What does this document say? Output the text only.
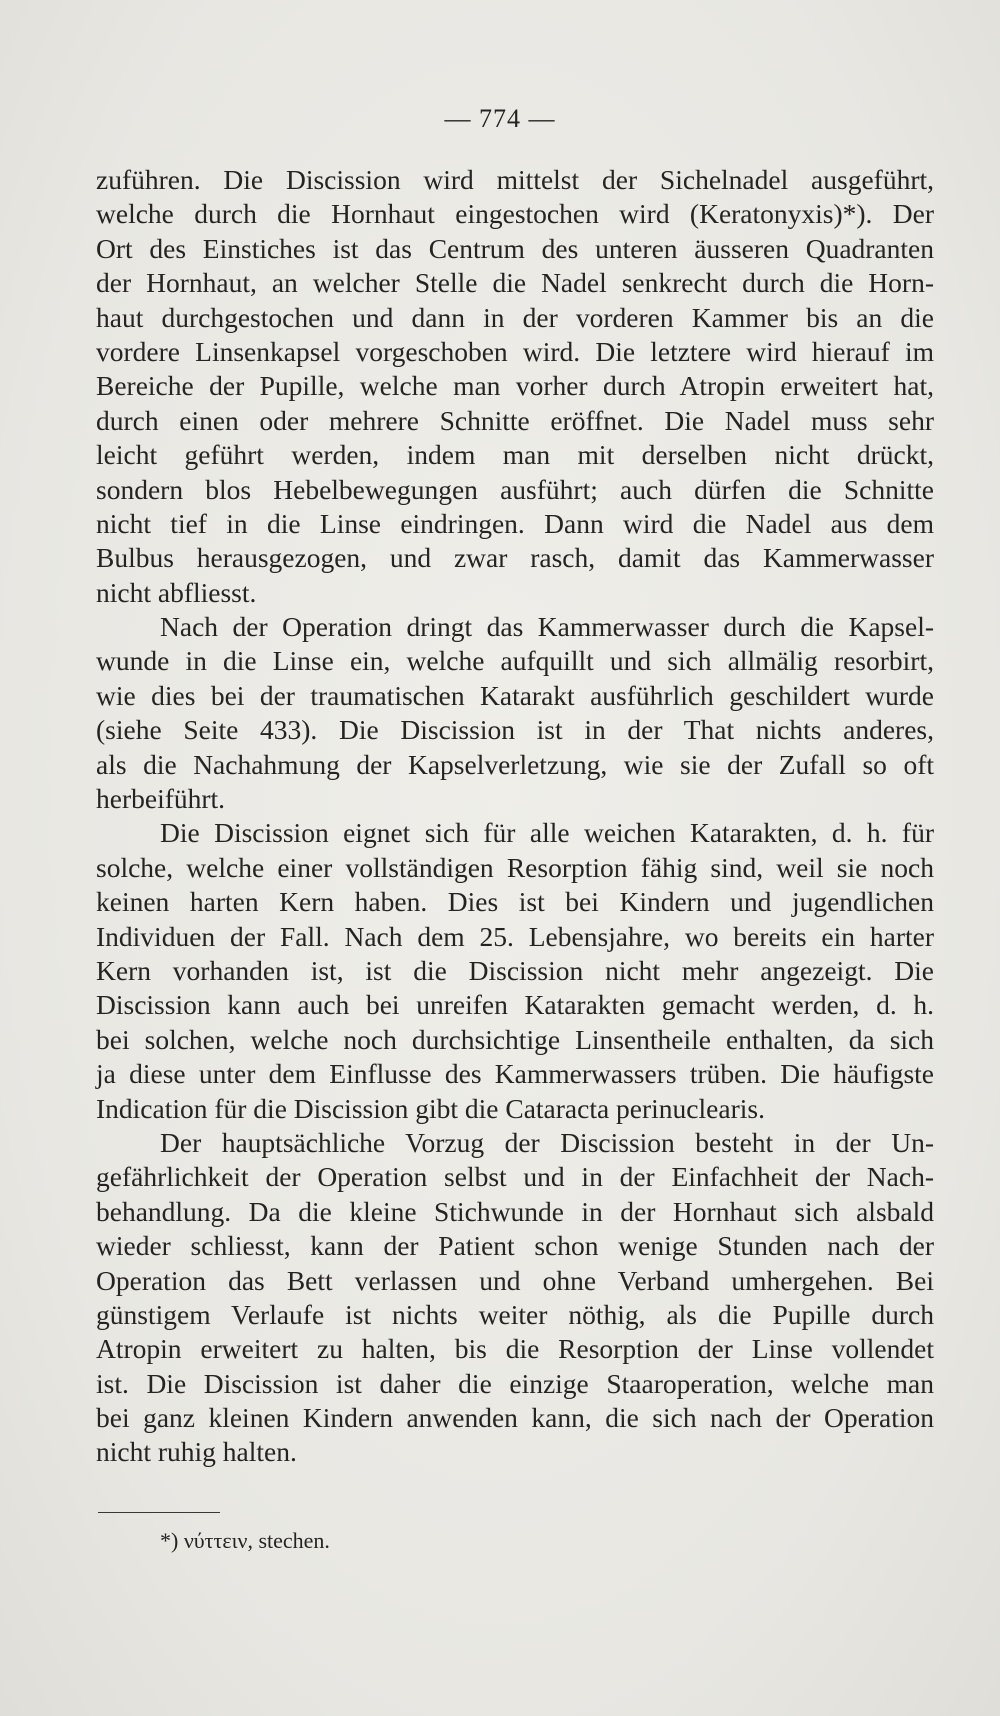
— 774 —
zuführen. Die Discission wird mittelst der Sichelnadel ausgeführt,
welche durch die Hornhaut eingestochen wird (Keratonyxis)*). Der
Ort des Einstiches ist das Centrum des unteren äusseren Quadranten
der Hornhaut, an welcher Stelle die Nadel senkrecht durch die Horn-
haut durchgestochen und dann in der vorderen Kammer bis an die
vordere Linsenkapsel vorgeschoben wird. Die letztere wird hierauf im
Bereiche der Pupille, welche man vorher durch Atropin erweitert hat,
durch einen oder mehrere Schnitte eröffnet. Die Nadel muss sehr
leicht geführt werden, indem man mit derselben nicht drückt,
sondern blos Hebelbewegungen ausführt; auch dürfen die Schnitte
nicht tief in die Linse eindringen. Dann wird die Nadel aus dem
Bulbus herausgezogen, und zwar rasch, damit das Kammerwasser
nicht abfliesst.
Nach der Operation dringt das Kammerwasser durch die Kapsel-
wunde in die Linse ein, welche aufquillt und sich allmälig resorbirt,
wie dies bei der traumatischen Katarakt ausführlich geschildert wurde
(siehe Seite 433). Die Discission ist in der That nichts anderes,
als die Nachahmung der Kapselverletzung, wie sie der Zufall so oft
herbeiführt.
Die Discission eignet sich für alle weichen Katarakten, d. h. für
solche, welche einer vollständigen Resorption fähig sind, weil sie noch
keinen harten Kern haben. Dies ist bei Kindern und jugendlichen
Individuen der Fall. Nach dem 25. Lebensjahre, wo bereits ein harter
Kern vorhanden ist, ist die Discission nicht mehr angezeigt. Die
Discission kann auch bei unreifen Katarakten gemacht werden, d. h.
bei solchen, welche noch durchsichtige Linsentheile enthalten, da sich
ja diese unter dem Einflusse des Kammerwassers trüben. Die häufigste
Indication für die Discission gibt die Cataracta perinuclearis.
Der hauptsächliche Vorzug der Discission besteht in der Un-
gefährlichkeit der Operation selbst und in der Einfachheit der Nach-
behandlung. Da die kleine Stichwunde in der Hornhaut sich alsbald
wieder schliesst, kann der Patient schon wenige Stunden nach der
Operation das Bett verlassen und ohne Verband umhergehen. Bei
günstigem Verlaufe ist nichts weiter nöthig, als die Pupille durch
Atropin erweitert zu halten, bis die Resorption der Linse vollendet
ist. Die Discission ist daher die einzige Staaroperation, welche man
bei ganz kleinen Kindern anwenden kann, die sich nach der Operation
nicht ruhig halten.
*) νύττειν, stechen.
